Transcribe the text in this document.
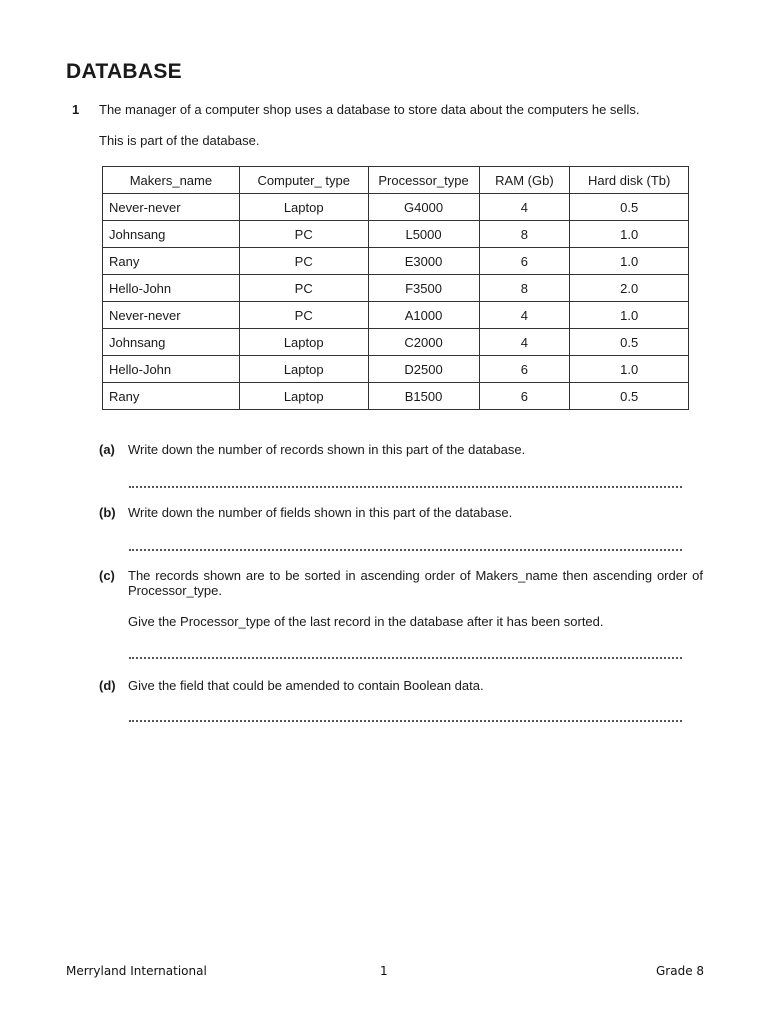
DATABASE
1 The manager of a computer shop uses a database to store data about the computers he sells.
This is part of the database.
Makers_name	Computer_ type	Processor_type	RAM (Gb)	Hard disk (Tb)
Never-never	Laptop	G4000	4	0.5
Johnsang	PC	L5000	8	1.0
Rany	PC	E3000	6	1.0
Hello-John	PC	F3500	8	2.0
Never-never	PC	A1000	4	1.0
Johnsang	Laptop	C2000	4	0.5
Hello-John	Laptop	D2500	6	1.0
Rany	Laptop	B1500	6	0.5
(a) Write down the number of records shown in this part of the database.
(b) Write down the number of fields shown in this part of the database.
(c) The records shown are to be sorted in ascending order of Makers_name then ascending order of Processor_type.
Give the Processor_type of the last record in the database after it has been sorted.
(d) Give the field that could be amended to contain Boolean data.
Merryland International	1	Grade 8
